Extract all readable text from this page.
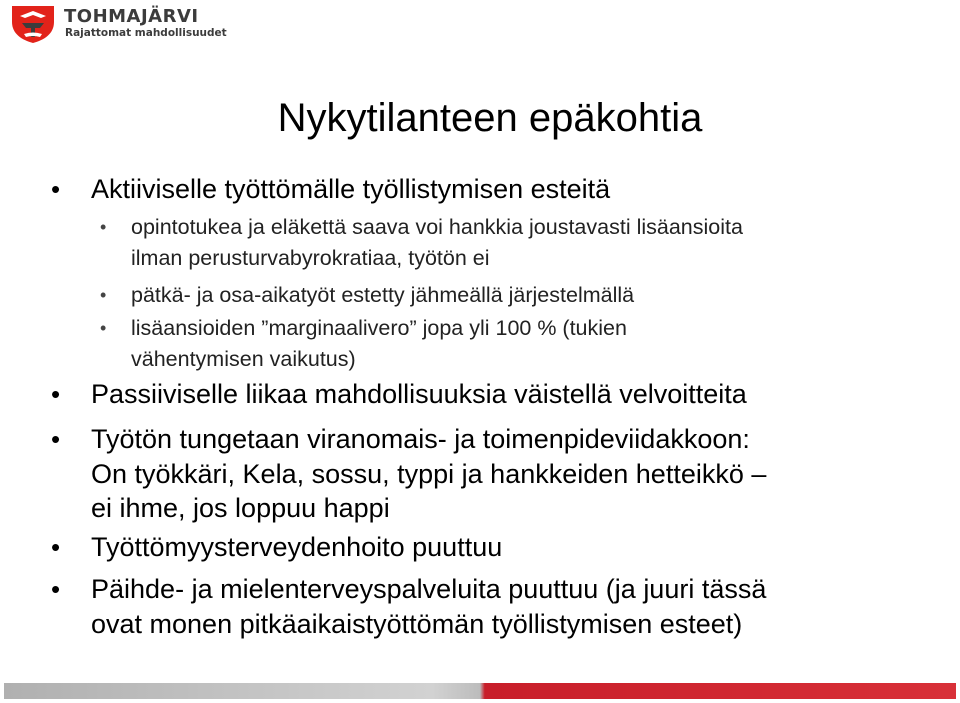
TOHMAJÄRVI
Rajattomat mahdollisuudet
Nykytilanteen epäkohtia
• Aktiiviselle työttömälle työllistymisen esteitä
• opintotukea ja eläkettä saava voi hankkia joustavasti lisäansioita
ilman perusturvabyrokratiaa, työtön ei
• pätkä- ja osa-aikatyöt estetty jähmeällä järjestelmällä
• lisäansioiden ”marginaalivero” jopa yli 100 % (tukien
vähentymisen vaikutus)
• Passiiviselle liikaa mahdollisuuksia väistellä velvoitteita
• Työtön tungetaan viranomais- ja toimenpideviidakkoon:
On työkkäri, Kela, sossu, typpi ja hankkeiden hetteikkö –
ei ihme, jos loppuu happi
• Työttömyysterveydenhoito puuttuu
• Päihde- ja mielenterveyspalveluita puuttuu (ja juuri tässä
ovat monen pitkäaikaistyöttömän työllistymisen esteet)
